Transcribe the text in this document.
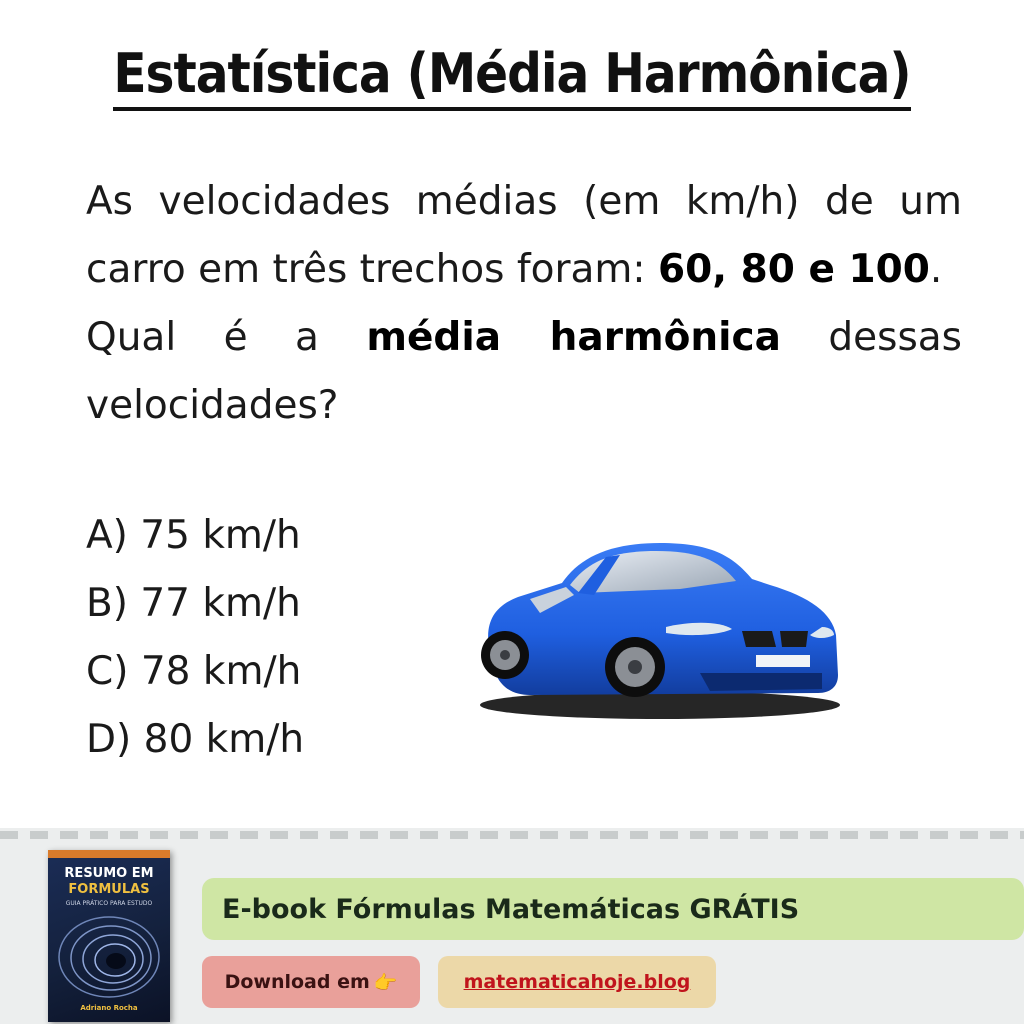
Estatística (Média Harmônica)
As velocidades médias (em km/h) de um carro em três trechos foram: 60, 80 e 100.
Qual é a média harmônica dessas velocidades?
A) 75 km/h
B) 77 km/h
C) 78 km/h
D) 80 km/h
RESUMO EM
FORMULAS
GUIA PRÁTICO PARA ESTUDO
Adriano Rocha
E-book Fórmulas Matemáticas
GRÁTIS
Download em 👉	matematicahoje.blog
